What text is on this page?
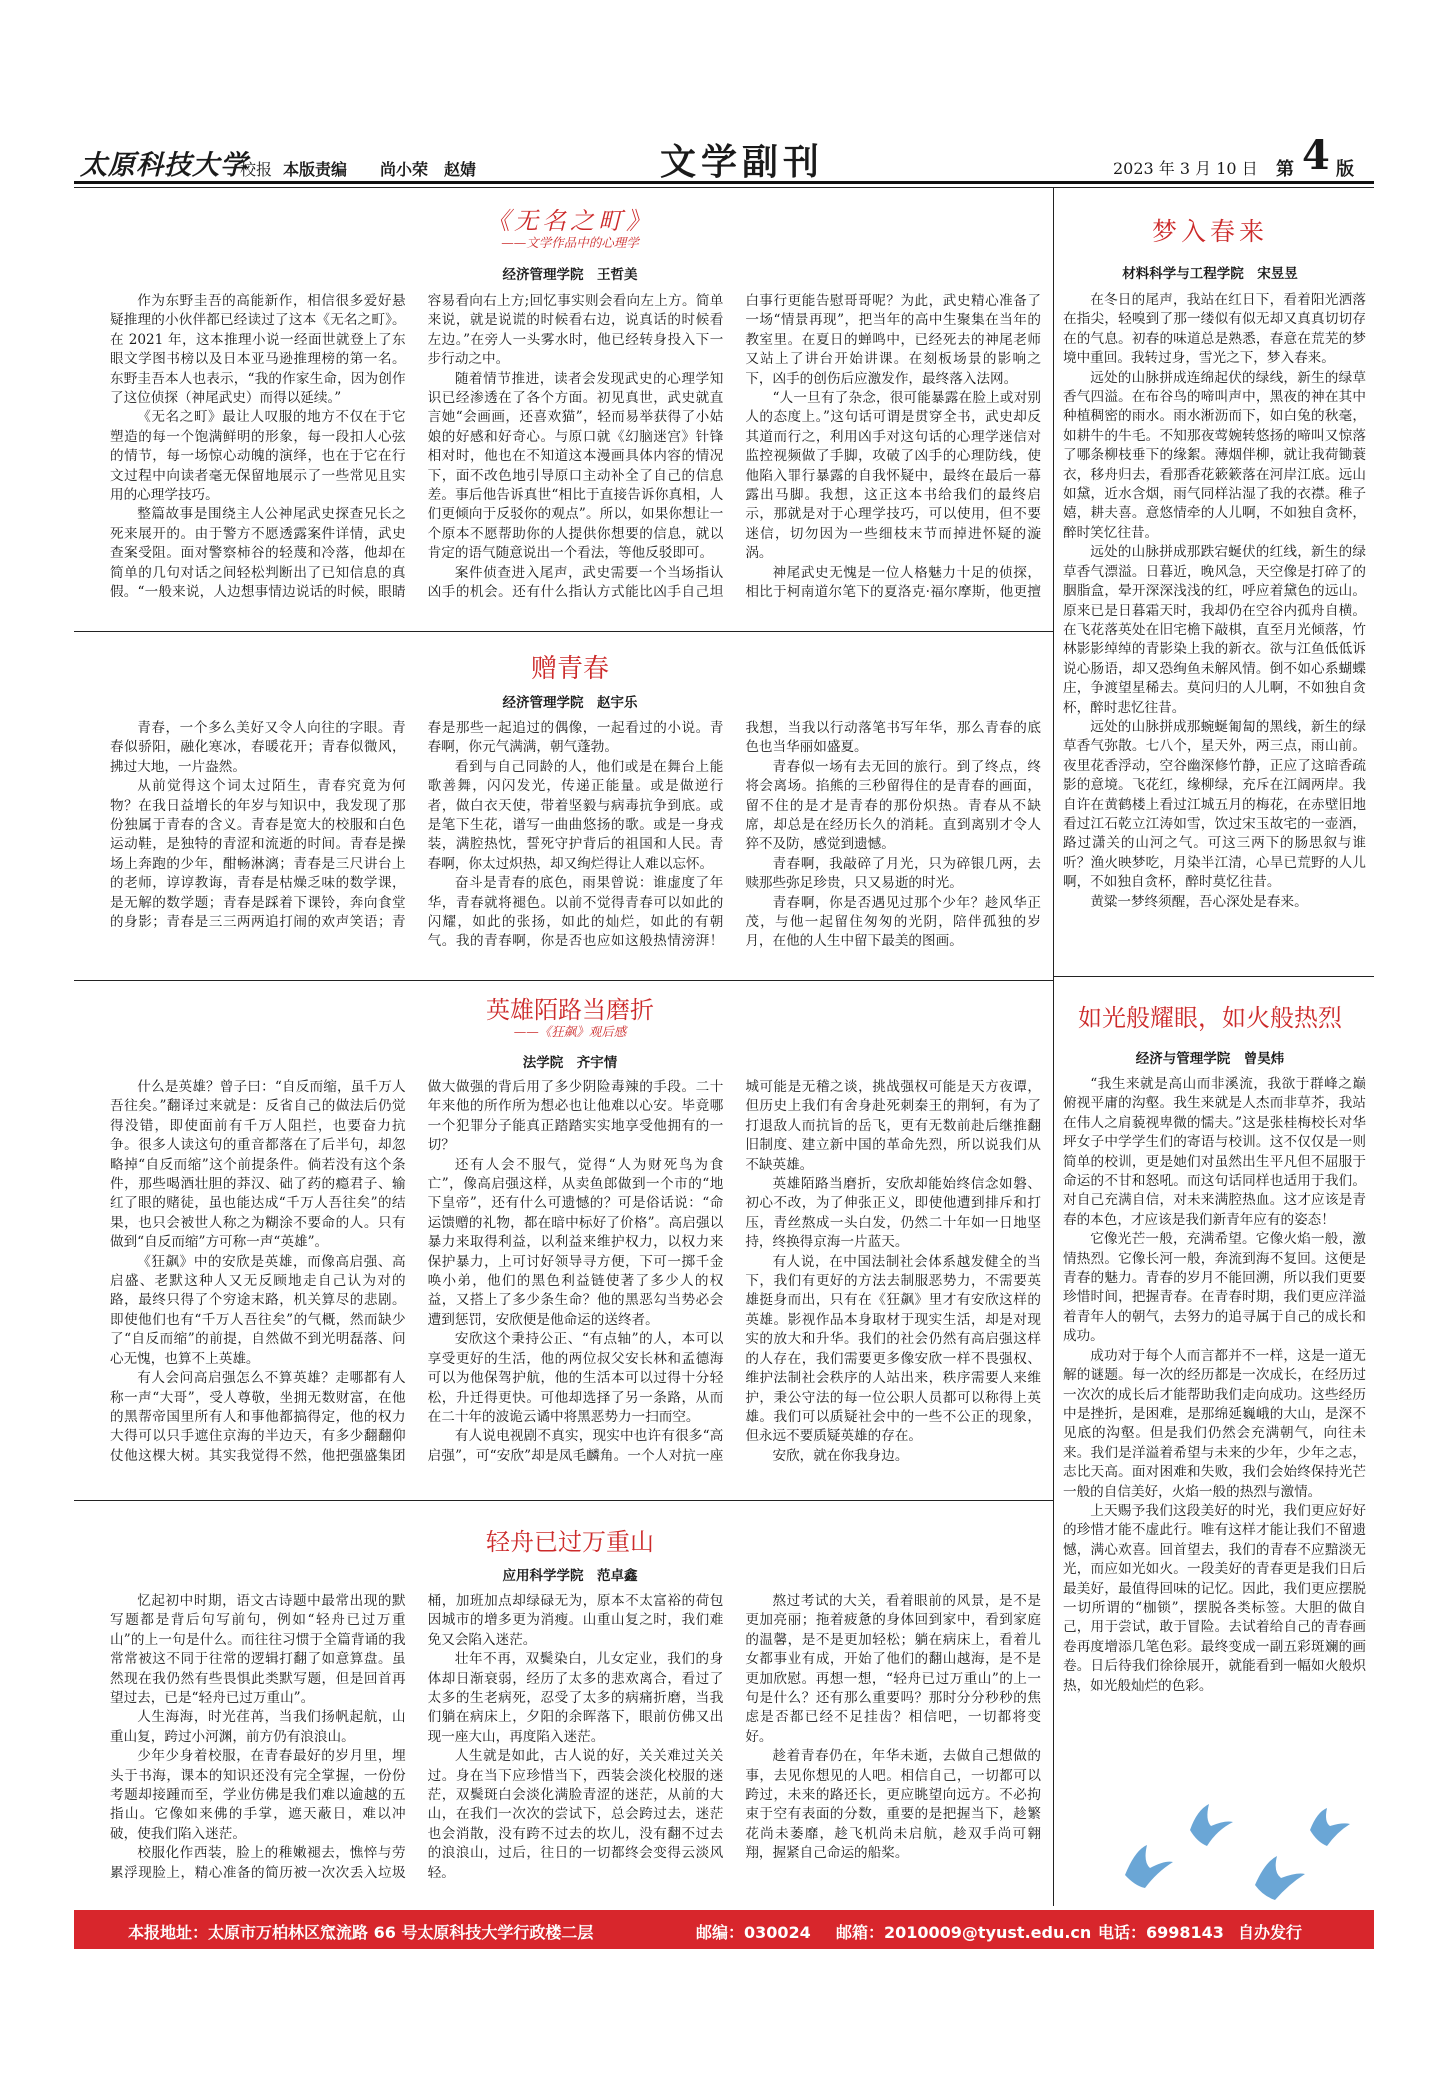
太原科技大学
校报 本版责编 尚小荣　赵婧	文学副刊	2023 年 3 月 10 日 第 4 版
《无名之町》
——文学作品中的心理学
经济管理学院　王哲美

作为东野圭吾的高能新作，相信很多爱好悬疑推理的小伙伴都已经读过了这本《无名之町》。在 2021 年，这本推理小说一经面世就登上了东眼文学图书榜以及日本亚马逊推理榜的第一名。东野圭吾本人也表示，“我的作家生命，因为创作了这位侦探（神尾武史）而得以延续。”

《无名之町》最让人叹服的地方不仅在于它塑造的每一个饱满鲜明的形象，每一段扣人心弦的情节，每一场惊心动魄的演绎，也在于它在行文过程中向读者毫无保留地展示了一些常见且实用的心理学技巧。

整篇故事是围绕主人公神尾武史探查兄长之死来展开的。由于警方不愿透露案件详情，武史查案受阻。面对警察柿谷的轻蔑和冷落，他却在简单的几句对话之间轻松判断出了已知信息的真假。“一般来说，人边想事情边说话的时候，眼睛容易看向右上方;回忆事实则会看向左上方。简单来说，就是说谎的时候看右边，说真话的时候看左边。”在旁人一头雾水时，他已经转身投入下一步行动之中。

随着情节推进，读者会发现武史的心理学知识已经渗透在了各个方面。初见真世，武史就直言她“会画画，还喜欢猫”，轻而易举获得了小姑娘的好感和好奇心。与原口就《幻脑迷宫》针锋相对时，他也在不知道这本漫画具体内容的情况下，面不改色地引导原口主动补全了自己的信息差。事后他告诉真世“相比于直接告诉你真相，人们更倾向于反驳你的观点”。所以，如果你想让一个原本不愿帮助你的人提供你想要的信息，就以肯定的语气随意说出一个看法，等他反驳即可。

案件侦查进入尾声，武史需要一个当场指认凶手的机会。还有什么指认方式能比凶手自己坦白事行更能告慰哥哥呢？为此，武史精心准备了一场“情景再现”，把当年的高中生聚集在当年的教室里。在夏日的蝉鸣中，已经死去的神尾老师又站上了讲台开始讲课。在刻板场景的影响之下，凶手的创伤后应激发作，最终落入法网。

“人一旦有了杂念，很可能暴露在脸上或对别人的态度上。”这句话可谓是贯穿全书，武史却反其道而行之，利用凶手对这句话的心理学迷信对监控视频做了手脚，攻破了凶手的心理防线，使他陷入罪行暴露的自我怀疑中，最终在最后一幕露出马脚。我想，这正这本书给我们的最终启示，那就是对于心理学技巧，可以使用，但不要迷信，切勿因为一些细枝末节而掉进怀疑的漩涡。

神尾武史无愧是一位人格魅力十足的侦探，相比于柯南道尔笔下的夏洛克·福尔摩斯，他更擅

赠青春
经济管理学院　赵宇乐

青春，一个多么美好又令人向往的字眼。青春似骄阳，融化寒冰，春暖花开；青春似微风，拂过大地，一片盎然。

从前觉得这个词太过陌生，青春究竟为何物？在我日益增长的年岁与知识中，我发现了那份独属于青春的含义。青春是宽大的校服和白色运动鞋，是独特的青涩和流逝的时间。青春是操场上奔跑的少年，酣畅淋漓；青春是三尺讲台上的老师，谆谆教诲，青春是枯燥乏味的数学课，是无解的数学题；青春是踩着下课铃，奔向食堂的身影；青春是三三两两追打闹的欢声笑语；青春是那些一起追过的偶像，一起看过的小说。青春啊，你元气满满，朝气蓬勃。

看到与自己同龄的人，他们或是在舞台上能歌善舞，闪闪发光，传递正能量。或是做逆行者，做白衣天使，带着坚毅与病毒抗争到底。或是笔下生花，谱写一曲曲悠扬的歌。或是一身戎装，满腔热忱，誓死守护背后的祖国和人民。青春啊，你太过炽热，却又绚烂得让人难以忘怀。

奋斗是青春的底色，雨果曾说：谁虚度了年华，青春就将褪色。以前不觉得青春可以如此的闪耀，如此的张扬，如此的灿烂，如此的有朝气。我的青春啊，你是否也应如这般热情滂湃！我想，当我以行动落笔书写年华，那么青春的底色也当华丽如盛夏。

青春似一场有去无回的旅行。到了终点，终将会离场。掐熊的三秒留得住的是青春的画面，留不住的是才是青春的那份炽热。青春从不缺席，却总是在经历长久的消耗。直到离别才令人猝不及防，感觉到遗憾。

青春啊，我敲碎了月光，只为碎银几两，去赎那些弥足珍贵，只又易逝的时光。

青春啊，你是否遇见过那个少年？趁风华正茂，与他一起留住匆匆的光阴，陪伴孤独的岁月，在他的人生中留下最美的图画。

英雄陌路当磨折
——《狂飙》观后感
法学院　齐宇情

什么是英雄？曾子曰：“自反而缩，虽千万人吾往矣。”翻译过来就是：反省自己的做法后仍觉得没错，即使面前有千万人阻拦，也要奋力抗争。很多人读这句的重音都落在了后半句，却忽略掉“自反而缩”这个前提条件。倘若没有这个条件，那些喝酒壮胆的莽汉、础了药的瘾君子、输红了眼的赌徒，虽也能达成“千万人吾往矣”的结果，也只会被世人称之为糊涂不要命的人。只有做到“自反而缩”方可称一声“英雄”。

《狂飙》中的安欣是英雄，而像高启强、高启盛、老默这种人又无反顾地走自己认为对的路，最终只得了个穷途末路，机关算尽的悲剧。即使他们也有“千万人吾往矣”的气概，然而缺少了“自反而缩”的前提，自然做不到光明磊落、问心无愧，也算不上英雄。

有人会问高启强怎么不算英雄？走哪都有人称一声“大哥”，受人尊敬，坐拥无数财富，在他的黑帮帝国里所有人和事他都搞得定，他的权力大得可以只手遮住京海的半边天，有多少翻翻仰仗他这棵大树。其实我觉得不然，他把强盛集团做大做强的背后用了多少阴险毒辣的手段。二十年来他的所作所为想必也让他难以心安。毕竟哪一个犯罪分子能真正踏踏实实地享受他拥有的一切？

还有人会不服气，觉得“人为财死鸟为食亡”，像高启强这样，从卖鱼郎做到一个市的“地下皇帝”，还有什么可遗憾的？可是俗话说：“命运馈赠的礼物，都在暗中标好了价格”。高启强以暴力来取得利益，以利益来维护权力，以权力来保护暴力，上可讨好领导寻方便，下可一掷千金唤小弟，他们的黑色利益链使著了多少人的权益，又搭上了多少条生命？他的黑恶勾当势必会遭到惩罚，安欣便是他命运的送终者。

安欣这个秉持公正、“有点轴”的人，本可以享受更好的生活，他的两位叔父安长林和孟德海可以为他保驾护航，他的生活本可以过得十分轻松，升迁得更快。可他却选择了另一条路，从而在二十年的波诡云谲中将黑恶势力一扫而空。

有人说电视剧不真实，现实中也许有很多“高启强”，可“安欣”却是凤毛麟角。一个人对抗一座城可能是无稽之谈，挑战强权可能是天方夜谭，但历史上我们有舍身赴死刺秦王的荆轲，有为了打退敌人而抗旨的岳飞，更有无数前赴后继推翻旧制度、建立新中国的革命先烈，所以说我们从不缺英雄。

英雄陌路当磨折，安欣却能始终信念如磐、初心不改，为了伸张正义，即使他遭到排斥和打压，青丝熬成一头白发，仍然二十年如一日地坚持，终换得京海一片蓝天。

有人说，在中国法制社会体系越发健全的当下，我们有更好的方法去制服恶势力，不需要英雄挺身而出，只有在《狂飙》里才有安欣这样的英雄。影视作品本身取材于现实生活，却是对现实的放大和升华。我们的社会仍然有高启强这样的人存在，我们需要更多像安欣一样不畏强权、维护法制社会秩序的人站出来，秩序需要人来维护，秉公守法的每一位公职人员都可以称得上英雄。我们可以质疑社会中的一些不公正的现象，但永远不要质疑英雄的存在。

安欣，就在你我身边。

轻舟已过万重山
应用科学学院　范卓鑫

忆起初中时期，语文古诗题中最常出现的默写题都是背后句写前句，例如“轻舟已过万重山”的上一句是什么。而往往习惯于全篇背诵的我常常被这不同于往常的逻辑打翻了如意算盘。虽然现在我仍然有些畏惧此类默写题，但是回首再望过去，已是“轻舟已过万重山”。

人生海海，时光荏苒，当我们扬帆起航，山重山复，跨过小河渊，前方仍有浪浪山。

少年少身着校服，在青春最好的岁月里，埋头于书海，课本的知识还没有完全掌握，一份份考题却接踵而至，学业仿佛是我们难以逾越的五指山。它像如来佛的手掌，遮天蔽日，难以冲破，使我们陷入迷茫。

校服化作西装，脸上的稚嫩褪去，憔悴与劳累浮现脸上，精心准备的简历被一次次丢入垃圾桶，加班加点却绿碌无为，原本不太富裕的荷包因城市的增多更为消瘦。山重山复之时，我们难免又会陷入迷茫。

壮年不再，双鬓染白，儿女定业，我们的身体却日渐衰弱，经历了太多的悲欢离合，看过了太多的生老病死，忍受了太多的病痛折磨，当我们躺在病床上，夕阳的余晖落下，眼前仿佛又出现一座大山，再度陷入迷茫。

人生就是如此，古人说的好，关关难过关关过。身在当下应珍惜当下，西装会淡化校服的迷茫，双鬓斑白会淡化满脸青涩的迷茫，从前的大山，在我们一次次的尝试下，总会跨过去，迷茫也会消散，没有跨不过去的坎儿，没有翻不过去的浪浪山，过后，往日的一切都终会变得云淡风轻。

熬过考试的大关，看着眼前的风景，是不是更加亮丽；拖着疲惫的身体回到家中，看到家庭的温馨，是不是更加轻松；躺在病床上，看着儿女都事业有成，开始了他们的翻山越海，是不是更加欣慰。再想一想，“轻舟已过万重山”的上一句是什么？还有那么重要吗？那时分分秒秒的焦虑是否都已经不足挂齿？相信吧，一切都将变好。

趁着青春仍在，年华未逝，去做自己想做的事，去见你想见的人吧。相信自己，一切都可以跨过，未来的路还长，更应眺望向远方。不必拘束于空有表面的分数，重要的是把握当下，趁繁花尚未萎靡，趁飞机尚未启航，趁双手尚可翱翔，握紧自己命运的船桨。

梦入春来
材料科学与工程学院　宋昱昱

在冬日的尾声，我站在红日下，看着阳光洒落在指尖，轻嗅到了那一缕似有似无却又真真切切存在的气息。初春的味道总是熟悉，春意在荒芜的梦境中重回。我转过身，雪光之下，梦入春来。

远处的山脉拼成连绵起伏的绿线，新生的绿草香气四溢。在布谷鸟的啼叫声中，黑夜的神在其中种植稠密的雨水。雨水淅沥而下，如白兔的秋毫，如耕牛的牛毛。不知那夜莺婉转悠扬的啼叫又惊落了哪条柳枝垂下的缘絮。薄烟伴柳，就让我荷锄蓑衣，移舟归去，看那香花簌簌落在河岸江底。远山如黛，近水含烟，雨气同样沾湿了我的衣襟。稚子嬉，耕夫喜。意悠情牵的人儿啊，不如独自贪杯，醉时笑忆往昔。

远处的山脉拼成那跌宕蜒伏的红线，新生的绿草香气漂溢。日暮近，晚风急，天空像是打碎了的胭脂盒，晕开深深浅浅的红，呼应着黛色的远山。原来已是日暮霜天时，我却仍在空谷内孤舟自横。在飞花落英处在旧宅檐下敲棋，直至月光倾落，竹林影影绰绰的青影染上我的新衣。欲与江鱼低低诉说心肠语，却又恐绚鱼未解风情。倒不如心系蝴蝶庄，争渡望星稀去。莫问归的人儿啊，不如独自贪杯，醉时悲忆往昔。

远处的山脉拼成那蜿蜒匍匐的黑线，新生的绿草香气弥散。七八个，星天外，两三点，雨山前。夜里花香浮动，空谷幽深修竹静，正应了这暗香疏影的意境。飞花红，缘柳绿，充斥在江阔两岸。我自许在黄鹤楼上看过江城五月的梅花，在赤壁旧地看过江石乾立江涛如雪，饮过宋玉故宅的一壶酒，路过潇关的山河之气。可这三两下的肠思叙与谁听？渔火映梦吃，月染半江清，心旱已荒野的人儿啊，不如独自贪杯，醉时莫忆往昔。

黄粱一梦终须醒，吾心深处是春来。

如光般耀眼，如火般热烈
经济与管理学院　曾昊炜

“我生来就是高山而非溪流，我欲于群峰之巅俯视平庸的沟壑。我生来就是人杰而非草芥，我站在伟人之肩藐视卑微的懦夫。”这是张桂梅校长对华坪女子中学学生们的寄语与校训。这不仅仅是一则简单的校训，更是她们对虽然出生平凡但不屈服于命运的不甘和怒吼。而这句话同样也适用于我们。对自己充满自信，对未来满腔热血。这才应该是青春的本色，才应该是我们新青年应有的姿态！

它像光芒一般，充满希望。它像火焰一般，激情热烈。它像长河一般，奔流到海不复回。这便是青春的魅力。青春的岁月不能回溯，所以我们更要珍惜时间，把握青春。在青春时期，我们更应洋溢着青年人的朝气，去努力的追寻属于自己的成长和成功。

成功对于每个人而言都并不一样，这是一道无解的谜题。每一次的经历都是一次成长，在经历过一次次的成长后才能帮助我们走向成功。这些经历中是挫折，是困难，是那绵延巍峨的大山，是深不见底的沟壑。但是我们仍然会充满朝气，向往未来。我们是洋溢着希望与未来的少年，少年之志，志比天高。面对困难和失败，我们会始终保持光芒一般的自信美好，火焰一般的热烈与激情。

上天赐予我们这段美好的时光，我们更应好好的珍惜才能不虚此行。唯有这样才能让我们不留遗憾，满心欢喜。回首望去，我们的青春不应黯淡无光，而应如光如火。一段美好的青春更是我们日后最美好，最值得回味的记忆。因此，我们更应摆脱一切所谓的“枷锁”，摆脱各类标签。大胆的做自己，用于尝试，敢于冒险。去试着给自己的青春画卷再度增添几笔色彩。最终变成一副五彩斑斓的画卷。日后待我们徐徐展开，就能看到一幅如火般炽热，如光般灿烂的色彩。

本报地址：太原市万柏林区窊流路 66 号太原科技大学行政楼二层	邮编：030024 邮箱：2010009@tyust.edu.cn 电话：6998143 自办发行
